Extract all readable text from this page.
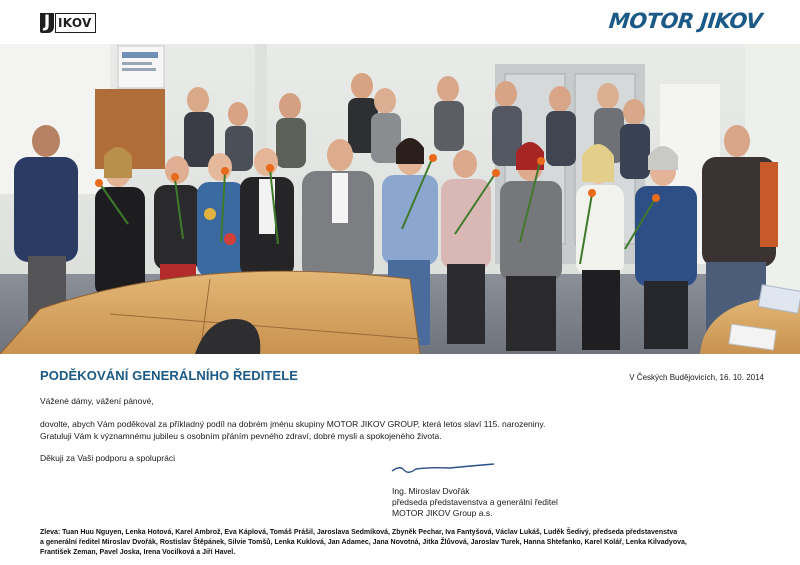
J IKOV	MOTOR JIKOV
PODĚKOVÁNÍ GENERÁLNÍHO ŘEDITELE	V Českých Budějovicích, 16. 10. 2014
Vážené dámy, vážení pánové,
dovolte, abych Vám poděkoval za příkladný podíl na dobrém jménu skupiny MOTOR JIKOV GROUP, která letos slaví 115. narozeniny.
Gratuluji Vám k významnému jubileu s osobním přáním pevného zdraví, dobré mysli a spokojeného života.
Děkuji za Vaši podporu a spolupráci
Ing. Miroslav Dvořák
předseda představenstva a generální ředitel
MOTOR JIKOV Group a.s.
Zleva: Tuan Huu Nguyen, Lenka Hotová, Karel Ambrož, Eva Káplová, Tomáš Prášil, Jaroslava Sedmíková, Zbyněk Pechar, Iva Fantyšová, Václav Lukáš, Luděk Šedivý, předseda představenstva
a generální ředitel Miroslav Dvořák, Rostislav Štěpánek, Silvie Tomšů, Lenka Kuklová, Jan Adamec, Jana Novotná, Jitka Žlůvová, Jaroslav Turek, Hanna Shtefanko, Karel Kolář, Lenka Kilvadyova,
František Zeman, Pavel Joska, Irena Vocilková a Jiří Havel.
